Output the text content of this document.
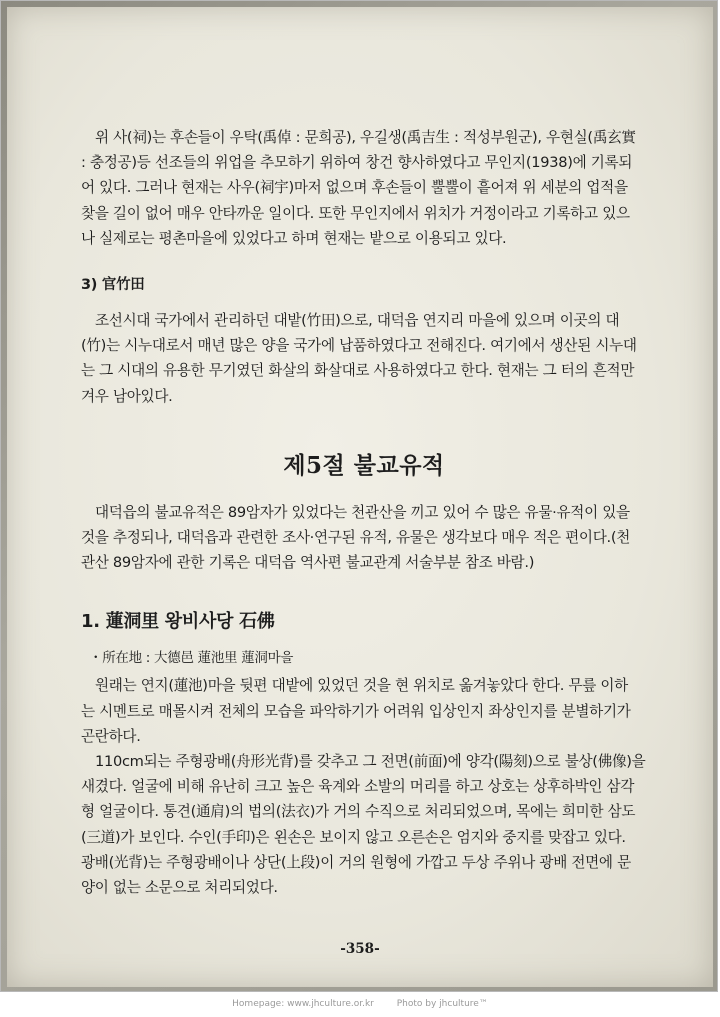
위 사(祠)는 후손들이 우탁(禹倬 : 문희공), 우길생(禹吉生 : 적성부원군), 우현실(禹玄實
: 충정공)등 선조들의 위업을 추모하기 위하여 창건 향사하였다고 무인지(1938)에 기록되
어 있다. 그러나 현재는 사우(祠宇)마저 없으며 후손들이 뿔뿔이 흩어져 위 세분의 업적을
찾을 길이 없어 매우 안타까운 일이다. 또한 무인지에서 위치가 거정이라고 기록하고 있으
나 실제로는 평촌마을에 있었다고 하며 현재는 밭으로 이용되고 있다.

3) 官竹田

조선시대 국가에서 관리하던 대밭(竹田)으로, 대덕읍 연지리 마을에 있으며 이곳의 대
(竹)는 시누대로서 매년 많은 양을 국가에 납품하였다고 전해진다. 여기에서 생산된 시누대
는 그 시대의 유용한 무기였던 화살의 화살대로 사용하였다고 한다. 현재는 그 터의 흔적만
겨우 남아있다.

제5절 불교유적

대덕읍의 불교유적은 89암자가 있었다는 천관산을 끼고 있어 수 많은 유물·유적이 있을
것을 추정되나, 대덕읍과 관련한 조사·연구된 유적, 유물은 생각보다 매우 적은 편이다.(천
관산 89암자에 관한 기록은 대덕읍 역사편 불교관계 서술부분 참조 바람.)

1. 蓮洞里 왕비사당 石佛
・所在地 : 大德邑 蓮池里 蓮洞마을

원래는 연지(蓮池)마을 뒷편 대밭에 있었던 것을 현 위치로 옮겨놓았다 한다. 무릎 이하
는 시멘트로 매몰시켜 전체의 모습을 파악하기가 어려워 입상인지 좌상인지를 분별하기가
곤란하다.

110cm되는 주형광배(舟形光背)를 갖추고 그 전면(前面)에 양각(陽刻)으로 불상(佛像)을
새겼다. 얼굴에 비해 유난히 크고 높은 육계와 소발의 머리를 하고 상호는 상후하박인 삼각
형 얼굴이다. 통견(通肩)의 법의(法衣)가 거의 수직으로 처리되었으며, 목에는 희미한 삼도
(三道)가 보인다. 수인(手印)은 왼손은 보이지 않고 오른손은 엄지와 중지를 맞잡고 있다.
광배(光背)는 주형광배이나 상단(上段)이 거의 원형에 가깝고 두상 주위나 광배 전면에 문
양이 없는 소문으로 처리되었다.

-358-
Homepage: www.jhculture.or.kr	Photo by jhculture™
